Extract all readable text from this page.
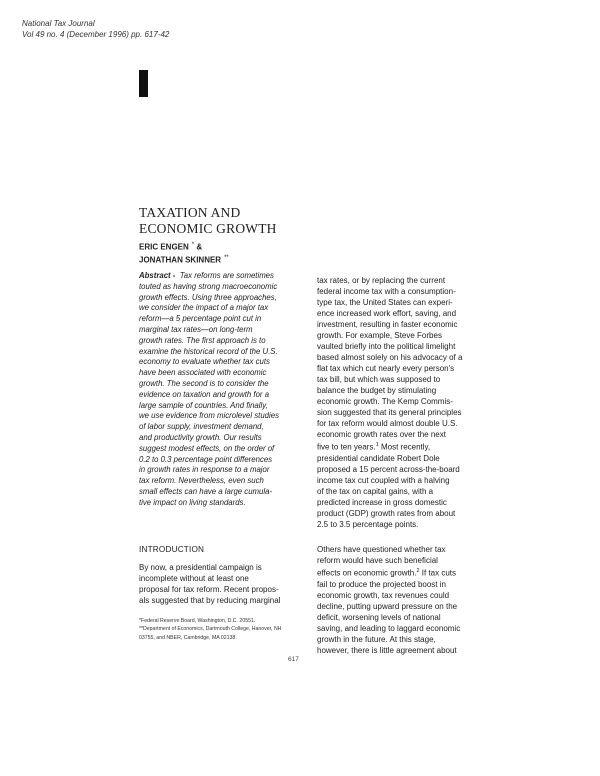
National Tax Journal
Vol 49 no. 4 (December 1996) pp. 617-42
TAXATION AND
ECONOMIC GROWTH
ERIC ENGEN * &
JONATHAN SKINNER **
Abstract - Tax reforms are sometimes
touted as having strong macroeconomic
growth effects. Using three approaches,
we consider the impact of a major tax
reform—a 5 percentage point cut in
marginal tax rates—on long-term
growth rates. The first approach is to
examine the historical record of the U.S.
economy to evaluate whether tax cuts
have been associated with economic
growth. The second is to consider the
evidence on taxation and growth for a
large sample of countries. And finally,
we use evidence from microlevel studies
of labor supply, investment demand,
and productivity growth. Our results
suggest modest effects, on the order of
0.2 to 0.3 percentage point differences
in growth rates in response to a major
tax reform. Nevertheless, even such
small effects can have a large cumula-
tive impact on living standards.
INTRODUCTION
By now, a presidential campaign is
incomplete without at least one
proposal for tax reform. Recent propos-
als suggested that by reducing marginal
*Federal Reserve Board, Washington, D.C. 20551.
**Department of Economics, Dartmouth College, Hanover, NH
03755, and NBER, Cambridge, MA 02138.
tax rates, or by replacing the current
federal income tax with a consumption-
type tax, the United States can experi-
ence increased work effort, saving, and
investment, resulting in faster economic
growth. For example, Steve Forbes
vaulted briefly into the political limelight
based almost solely on his advocacy of a
flat tax which cut nearly every person's
tax bill, but which was supposed to
balance the budget by stimulating
economic growth. The Kemp Commis-
sion suggested that its general principles
for tax reform would almost double U.S.
economic growth rates over the next
five to ten years.$^1$ Most recently,
presidential candidate Robert Dole
proposed a 15 percent across-the-board
income tax cut coupled with a halving
of the tax on capital gains, with a
predicted increase in gross domestic
product (GDP) growth rates from about
2.5 to 3.5 percentage points.
Others have questioned whether tax
reform would have such beneficial
effects on economic growth.$^2$ If tax cuts
fail to produce the projected boost in
economic growth, tax revenues could
decline, putting upward pressure on the
deficit, worsening levels of national
saving, and leading to laggard economic
growth in the future. At this stage,
however, there is little agreement about
617
